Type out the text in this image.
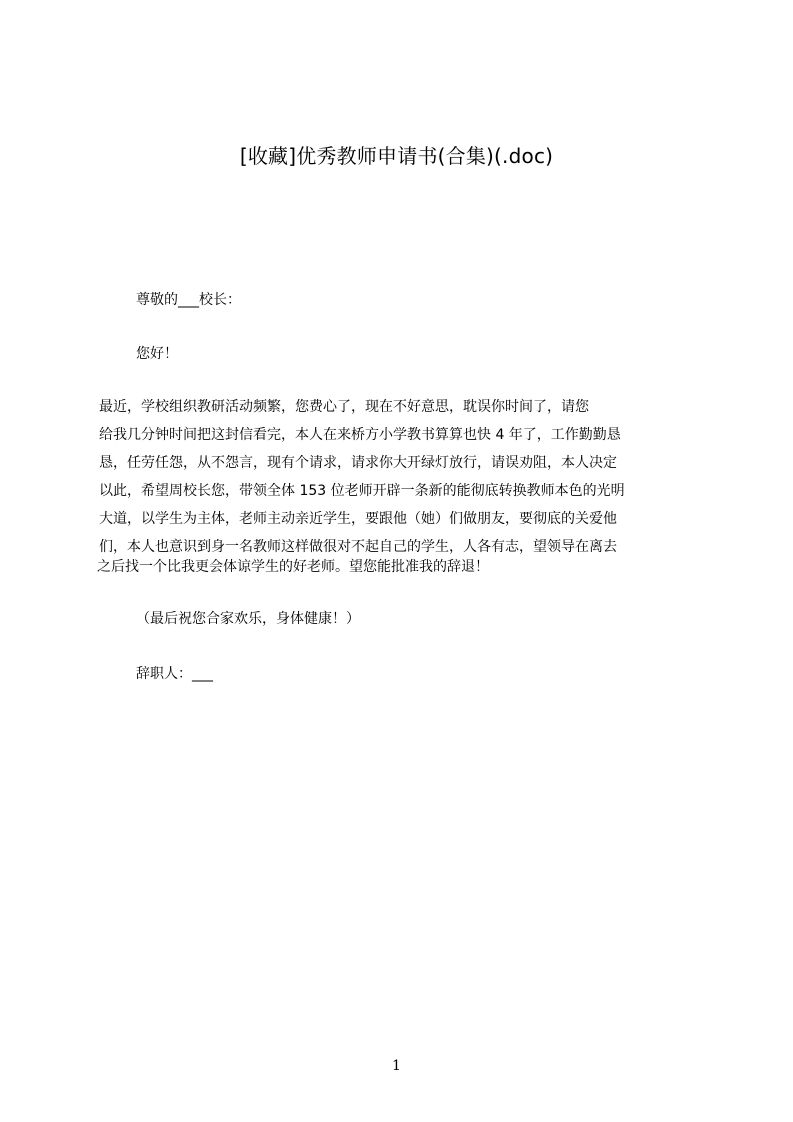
[收藏]优秀教师申请书(合集)(.doc)
尊敬的___校长：
您好！
最近，学校组织教研活动频繁，您费心了，现在不好意思，耽误你时间了，请您
给我几分钟时间把这封信看完，本人在来桥方小学教书算算也快 4 年了，工作勤勤恳
恳，任劳任怨，从不怨言，现有个请求，请求你大开绿灯放行，请误劝阻，本人决定
以此，希望周校长您，带领全体 153 位老师开辟一条新的能彻底转换教师本色的光明
大道，以学生为主体，老师主动亲近学生，要跟他（她）们做朋友，要彻底的关爱他
们，本人也意识到身一名教师这样做很对不起自己的学生，人各有志，望领导在离去
之后找一个比我更会体谅学生的好老师。望您能批准我的辞退！
（最后祝您合家欢乐，身体健康！）
辞职人：___
1
